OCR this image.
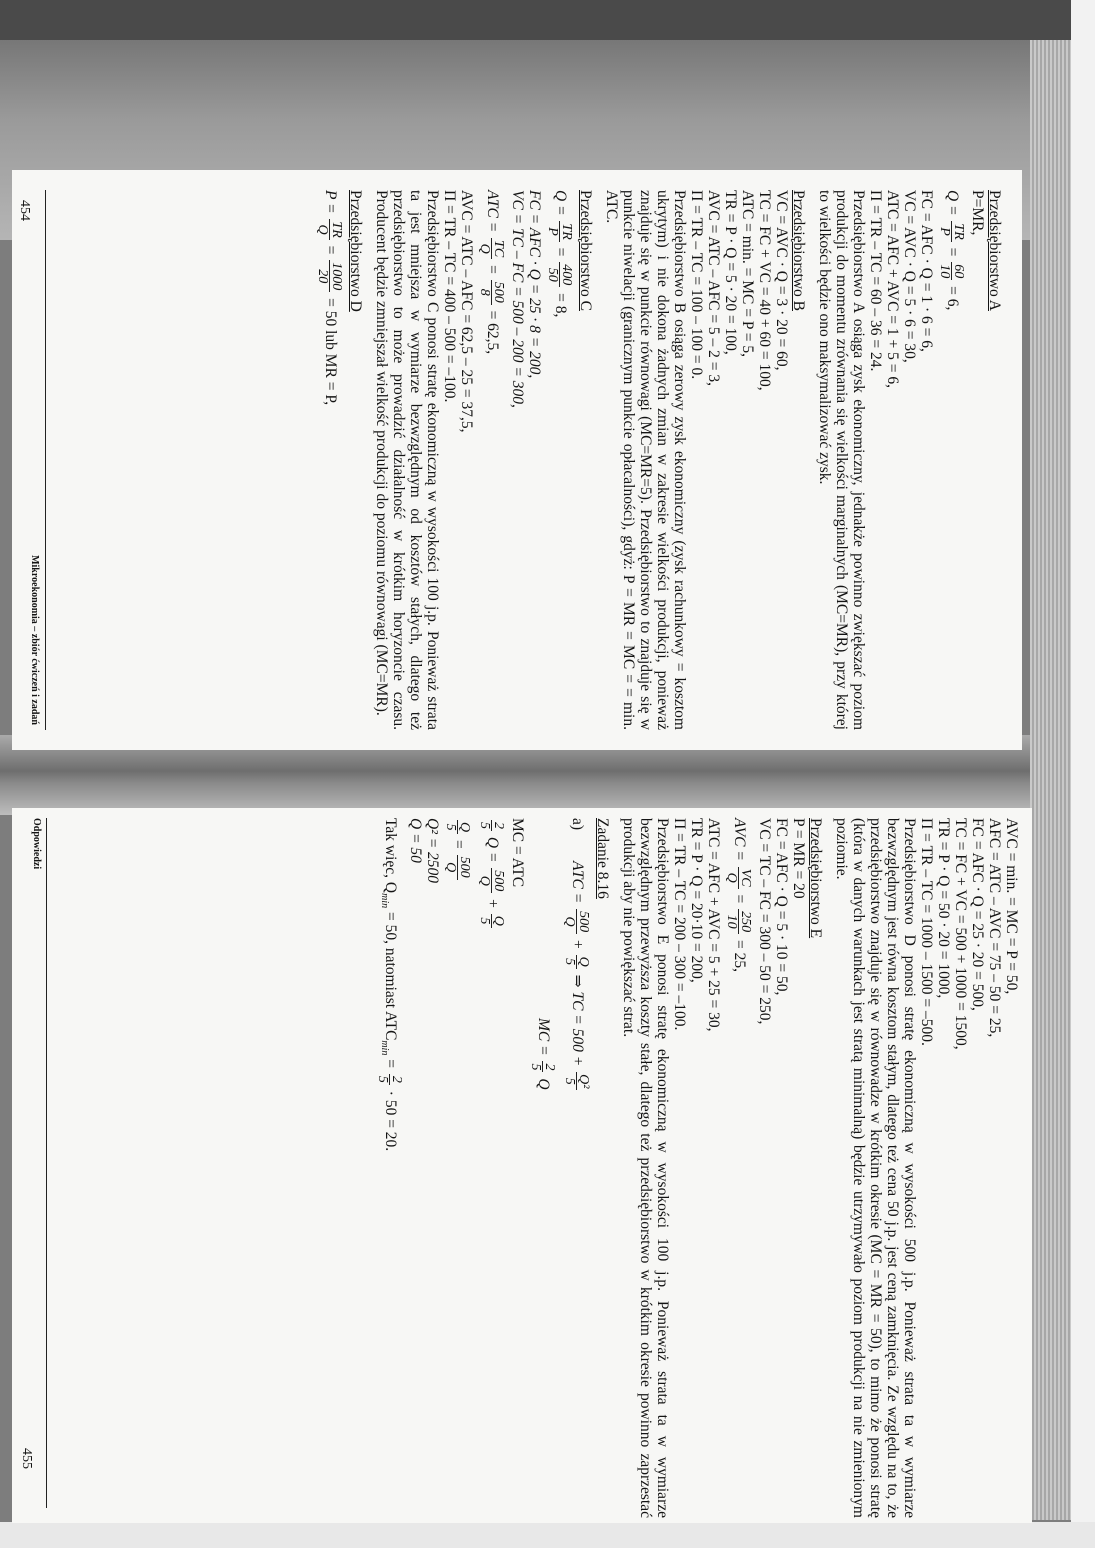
Mikroekonomia – zbiór ćwiczeń i zadań
454	Przedsiębiorstwo A

P=MR,

Q =
TR
P
=
60
10
= 6,

FC = AFC · Q = 1 · 6 = 6,

VC = AVC · Q = 5 · 6 = 30,

ATC = AFC + AVC = 1 + 5 = 6,

Π = TR – TC = 60 – 36 = 24.

Przedsiębiorstwo A osiąga zysk ekonomiczny, jednakże powinno zwiększać poziom produkcji do momentu zrównania się wielkości marginalnych (MC=MR), przy której to wielkości będzie ono maksymalizować zysk.

Przedsiębiorstwo B

VC = AVC · Q = 3 · 20 = 60,

TC = FC + VC = 40 + 60 = 100,

ATC = min. = MC = P = 5,

TR = P · Q = 5 · 20 = 100,

AVC = ATC – AFC = 5 – 2 = 3,

Π = TR – TC = 100 – 100 = 0.

Przedsiębiorstwo B osiąga zerowy zysk ekonomiczny (zysk rachunkowy = kosztom ukrytym) i nie dokona żadnych zmian w zakresie wielkości produkcji, ponieważ znajduje się w punkcie równowagi (MC=MR=5). Przedsiębiorstwo to znajduje się w punkcie niwelacji (granicznym punkcie opłacalności), gdyż: P = MR = MC = = min. ATC.

Przedsiębiorstwo C

Q =
TR
P
=
400
50
= 8,

FC = AFC · Q = 25 · 8 = 200,

VC = TC – FC = 500 – 200 = 300,

ATC =
TC
Q
=
500
8
= 62,5,

AVC = ATC – AFC = 62,5 – 25 = 37,5,

Π = TR – TC = 400 – 500 = –100.

Przedsiębiorstwo C ponosi stratę ekonomiczną w wysokości 100 j.p. Ponieważ strata ta jest mniejsza w wymiarze bezwzględnym od kosztów stałych, dlatego też przedsiębiorstwo to może prowadzić działalność w krótkim horyzoncie czasu. Producent będzie zmniejszał wielkość produkcji do poziomu równowagi (MC=MR).

Przedsiębiorstwo D

P =
TR
Q
=
1000
20
= 50 lub MR = P,

Odpowiedzi
455

AVC = min. = MC = P = 50,

AFC = ATC – AVC = 75 – 50 = 25,

FC = AFC · Q = 25 · 20 = 500,

TC = FC + VC = 500 + 1000 = 1500,

TR = P · Q = 50 · 20 = 1000,

Π = TR – TC = 1000 – 1500 = –500.

Przedsiębiorstwo D ponosi stratę ekonomiczną w wysokości 500 j.p. Ponieważ strata ta w wymiarze bezwzględnym jest równa kosztom stałym, dlatego też cena 50 j.p. jest ceną zamknięcia. Ze względu na to, że przedsiębiorstwo znajduje się w równowadze w krótkim okresie (MC = MR = 50), to mimo że ponosi stratę (która w danych warunkach jest stratą minimalną) będzie utrzymywało poziom produkcji na nie zmienionym poziomie.

Przedsiębiorstwo E

P = MR = 20

FC = AFC · Q = 5 · 10 = 50,

VC = TC – FC = 300 – 50 = 250,

AVC =
VC
Q
=
250
10
= 25,

ATC = AFC + AVC = 5 + 25 = 30,

TR = P · Q = 20·10 = 200,

Π = TR – TC = 200 – 300 = –100.

Przedsiębiorstwo E ponosi stratę ekonomiczną w wysokości 100 j.p. Ponieważ strata ta w wymiarze bezwzględnym przewyższa koszty stałe, dlatego też przedsiębiorstwo w krótkim okresie powinno zaprzestać produkcji aby nie powiększać strat.

Zadanie 8.16

a)        ATC =
500
Q
+
Q
5
⇒ TC = 500 +
Q²
5

MC =
2
5
Q

MC = ATC

2
5
Q =
500
Q
+
Q
5

Q
5
=
500
Q

Q² = 2500

Q = 50

Tak więc, $Q_{min} = 50$, natomiast $ATC_{min}$ =
2
5
· 50 = 20.
